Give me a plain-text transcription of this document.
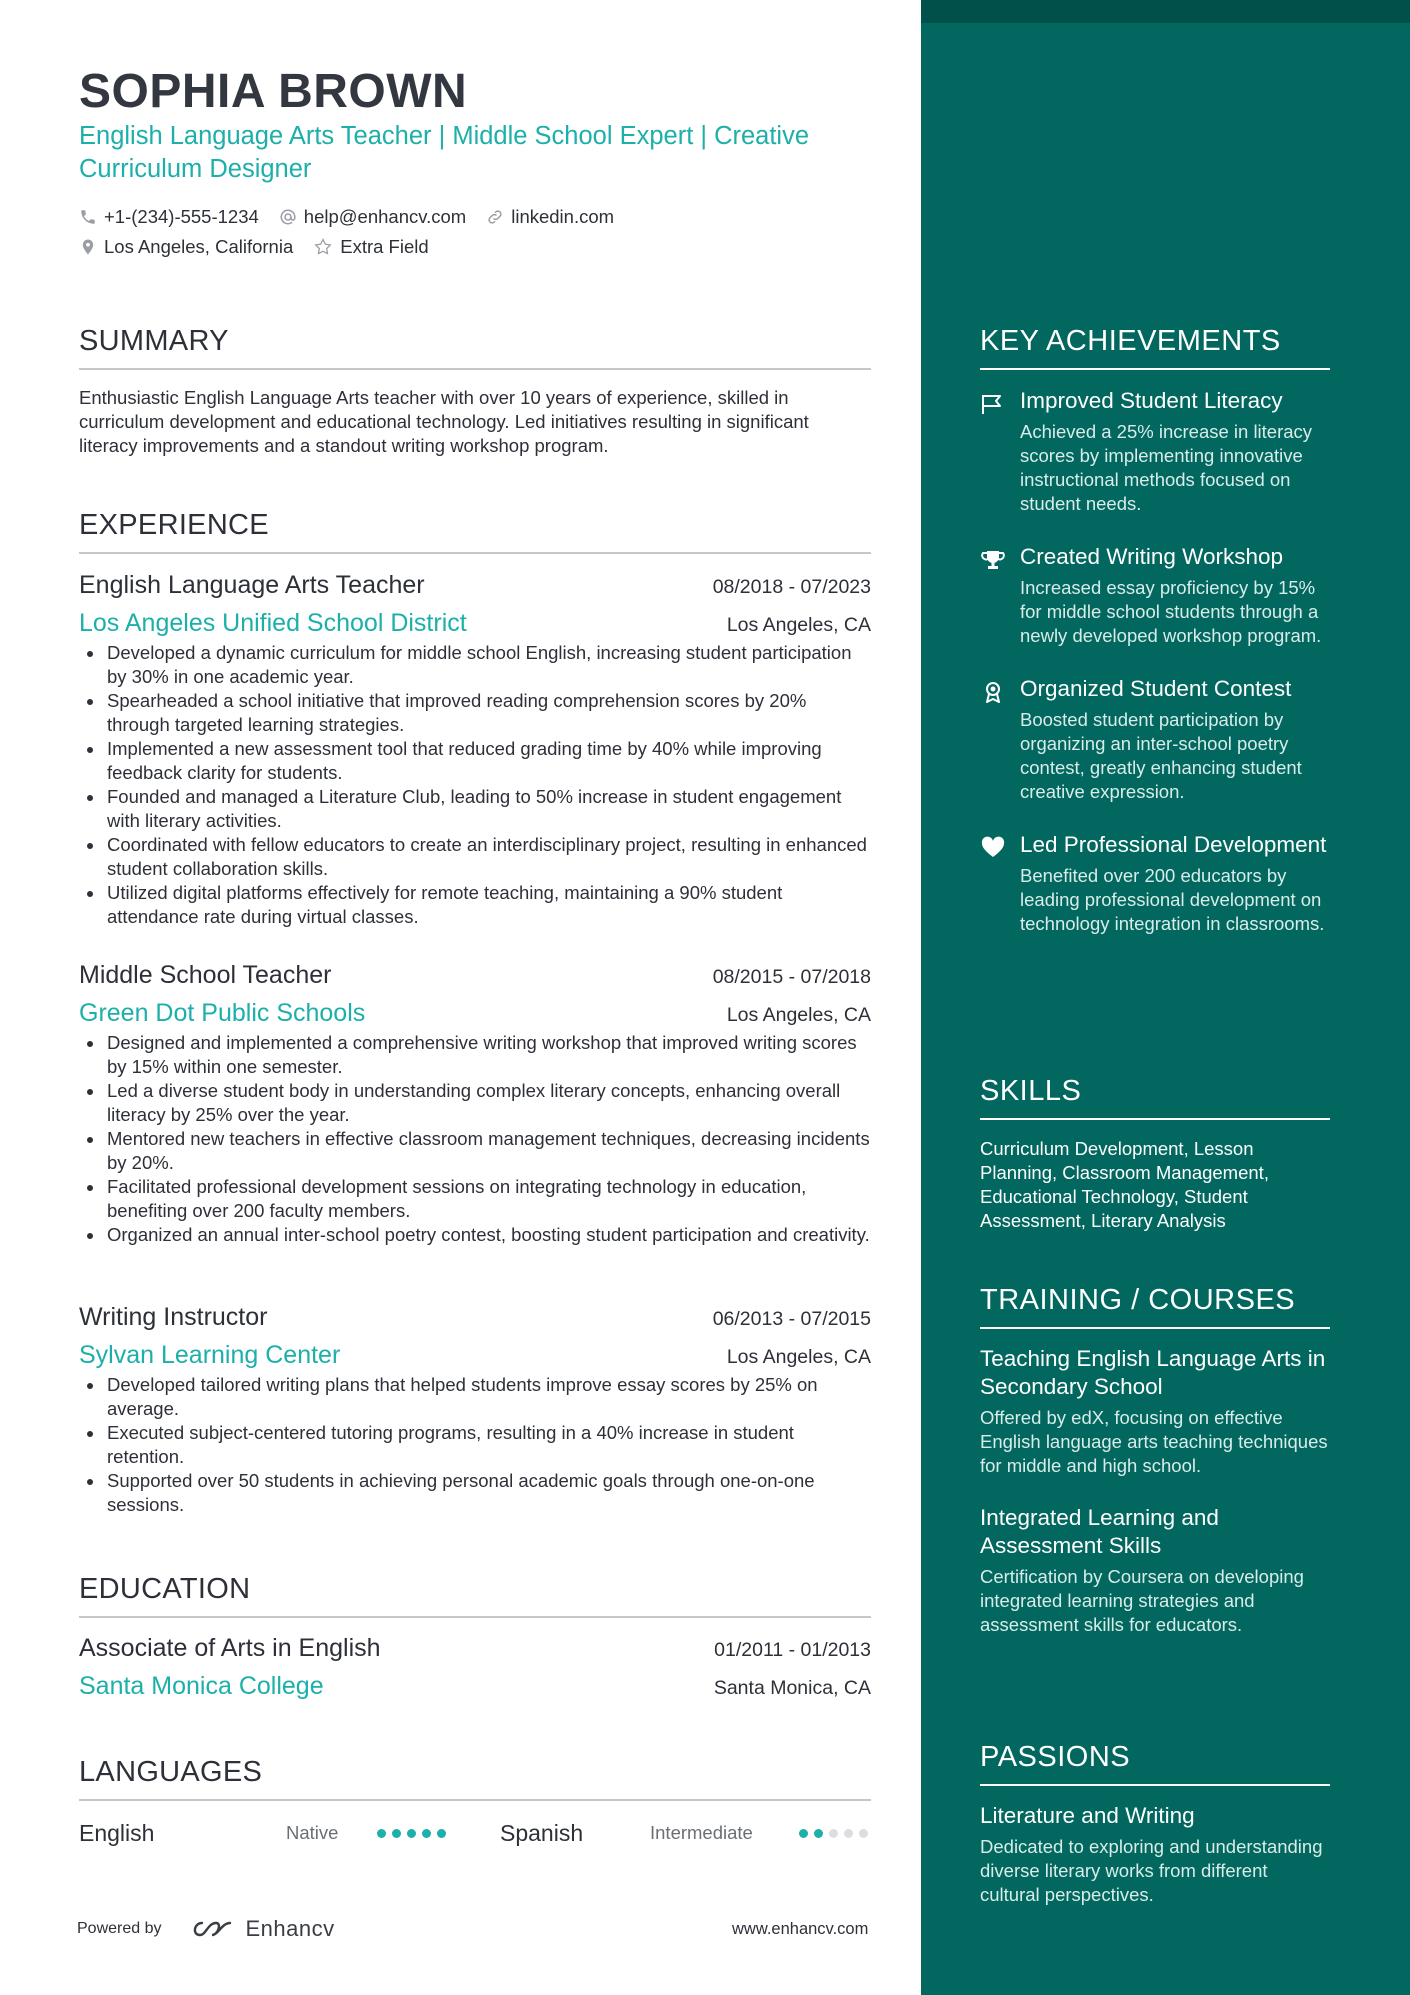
SOPHIA BROWN
English Language Arts Teacher | Middle School Expert | Creative Curriculum Designer
+1-(234)-555-1234 help@enhancv.com linkedin.com
Los Angeles, California	Extra Field
SUMMARY
Enthusiastic English Language Arts teacher with over 10 years of experience, skilled in curriculum development and educational technology. Led initiatives resulting in significant literacy improvements and a standout writing workshop program.
EXPERIENCE
English Language Arts Teacher	08/2018 - 07/2023
Los Angeles Unified School District	Los Angeles, CA
Developed a dynamic curriculum for middle school English, increasing student participation by 30% in one academic year.
Spearheaded a school initiative that improved reading comprehension scores by 20% through targeted learning strategies.
Implemented a new assessment tool that reduced grading time by 40% while improving feedback clarity for students.
Founded and managed a Literature Club, leading to 50% increase in student engagement with literary activities.
Coordinated with fellow educators to create an interdisciplinary project, resulting in enhanced student collaboration skills.
Utilized digital platforms effectively for remote teaching, maintaining a 90% student attendance rate during virtual classes.
Middle School Teacher	08/2015 - 07/2018
Green Dot Public Schools	Los Angeles, CA
Designed and implemented a comprehensive writing workshop that improved writing scores by 15% within one semester.
Led a diverse student body in understanding complex literary concepts, enhancing overall literacy by 25% over the year.
Mentored new teachers in effective classroom management techniques, decreasing incidents by 20%.
Facilitated professional development sessions on integrating technology in education, benefiting over 200 faculty members.
Organized an annual inter-school poetry contest, boosting student participation and creativity.
Writing Instructor	06/2013 - 07/2015
Sylvan Learning Center	Los Angeles, CA
Developed tailored writing plans that helped students improve essay scores by 25% on average.
Executed subject-centered tutoring programs, resulting in a 40% increase in student retention.
Supported over 50 students in achieving personal academic goals through one-on-one sessions.
EDUCATION
Associate of Arts in English	01/2011 - 01/2013
Santa Monica College	Santa Monica, CA
LANGUAGES
English	Native	Spanish	Intermediate
Powered by	Enhancv	www.enhancv.com
KEY ACHIEVEMENTS
Improved Student Literacy
Achieved a 25% increase in literacy scores by implementing innovative instructional methods focused on student needs.
Created Writing Workshop
Increased essay proficiency by 15% for middle school students through a newly developed workshop program.
Organized Student Contest
Boosted student participation by organizing an inter-school poetry contest, greatly enhancing student creative expression.
Led Professional Development
Benefited over 200 educators by leading professional development on technology integration in classrooms.
SKILLS
Curriculum Development, Lesson Planning, Classroom Management, Educational Technology, Student Assessment, Literary Analysis
TRAINING / COURSES
Teaching English Language Arts in Secondary School
Offered by edX, focusing on effective English language arts teaching techniques for middle and high school.
Integrated Learning and Assessment Skills
Certification by Coursera on developing integrated learning strategies and assessment skills for educators.
PASSIONS
Literature and Writing
Dedicated to exploring and understanding diverse literary works from different cultural perspectives.
